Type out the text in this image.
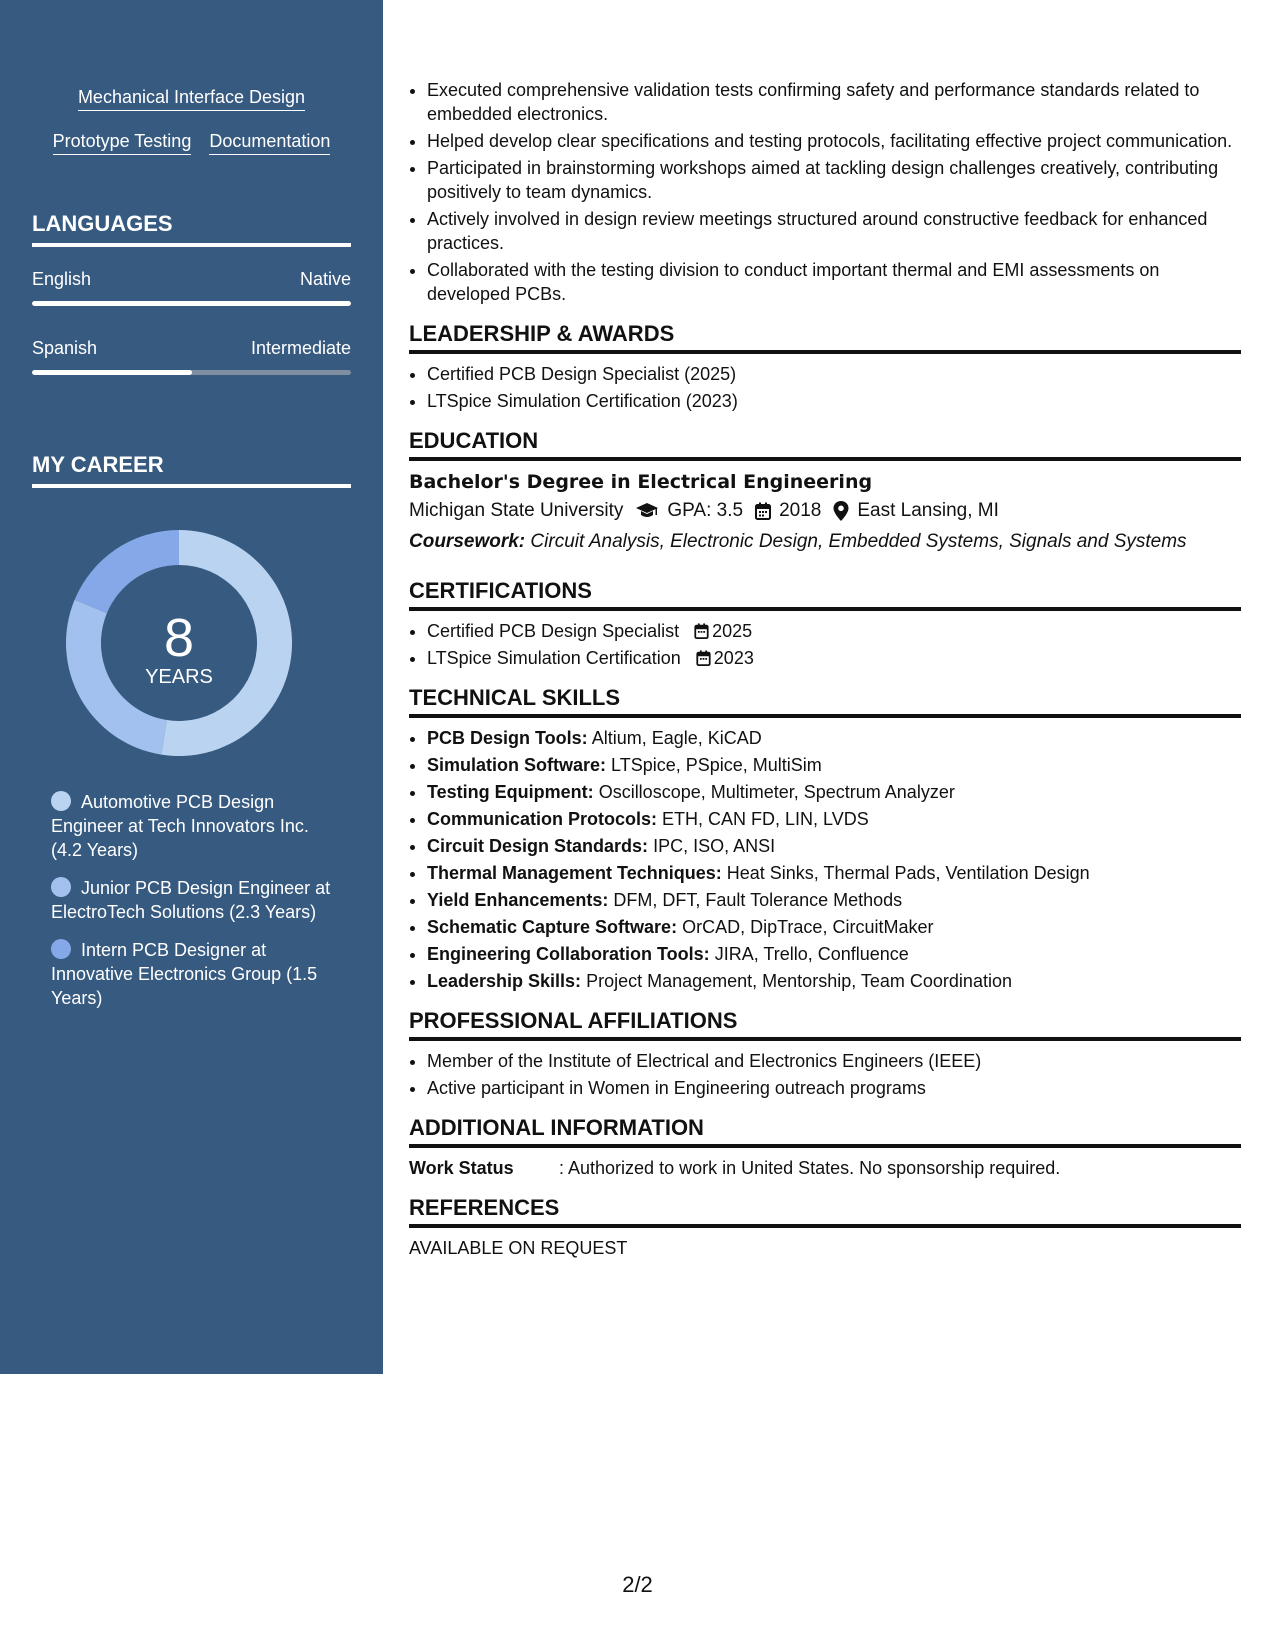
Mechanical Interface Design
Prototype Testing Documentation
LANGUAGES
English	Native
Spanish	Intermediate
MY CAREER
8
YEARS
Automotive PCB Design Engineer at Tech Innovators Inc. (4.2 Years)
Junior PCB Design Engineer at ElectroTech Solutions (2.3 Years)
Intern PCB Designer at Innovative Electronics Group (1.5 Years)
• Executed comprehensive validation tests confirming safety and performance standards related to embedded electronics.
• Helped develop clear specifications and testing protocols, facilitating effective project communication.
• Participated in brainstorming workshops aimed at tackling design challenges creatively, contributing positively to team dynamics.
• Actively involved in design review meetings structured around constructive feedback for enhanced practices.
• Collaborated with the testing division to conduct important thermal and EMI assessments on developed PCBs.
LEADERSHIP & AWARDS
• Certified PCB Design Specialist (2025)
• LTSpice Simulation Certification (2023)
EDUCATION
Bachelor's Degree in Electrical Engineering
Michigan State University GPA: 3.5 2018 East Lansing, MI
Coursework: Circuit Analysis, Electronic Design, Embedded Systems, Signals and Systems
CERTIFICATIONS
• Certified PCB Design Specialist 2025
• LTSpice Simulation Certification 2023
TECHNICAL SKILLS
• PCB Design Tools: Altium, Eagle, KiCAD
• Simulation Software: LTSpice, PSpice, MultiSim
• Testing Equipment: Oscilloscope, Multimeter, Spectrum Analyzer
• Communication Protocols: ETH, CAN FD, LIN, LVDS
• Circuit Design Standards: IPC, ISO, ANSI
• Thermal Management Techniques: Heat Sinks, Thermal Pads, Ventilation Design
• Yield Enhancements: DFM, DFT, Fault Tolerance Methods
• Schematic Capture Software: OrCAD, DipTrace, CircuitMaker
• Engineering Collaboration Tools: JIRA, Trello, Confluence
• Leadership Skills: Project Management, Mentorship, Team Coordination
PROFESSIONAL AFFILIATIONS
• Member of the Institute of Electrical and Electronics Engineers (IEEE)
• Active participant in Women in Engineering outreach programs
ADDITIONAL INFORMATION
Work Status	: Authorized to work in United States. No sponsorship required.
REFERENCES
AVAILABLE ON REQUEST
2/2
